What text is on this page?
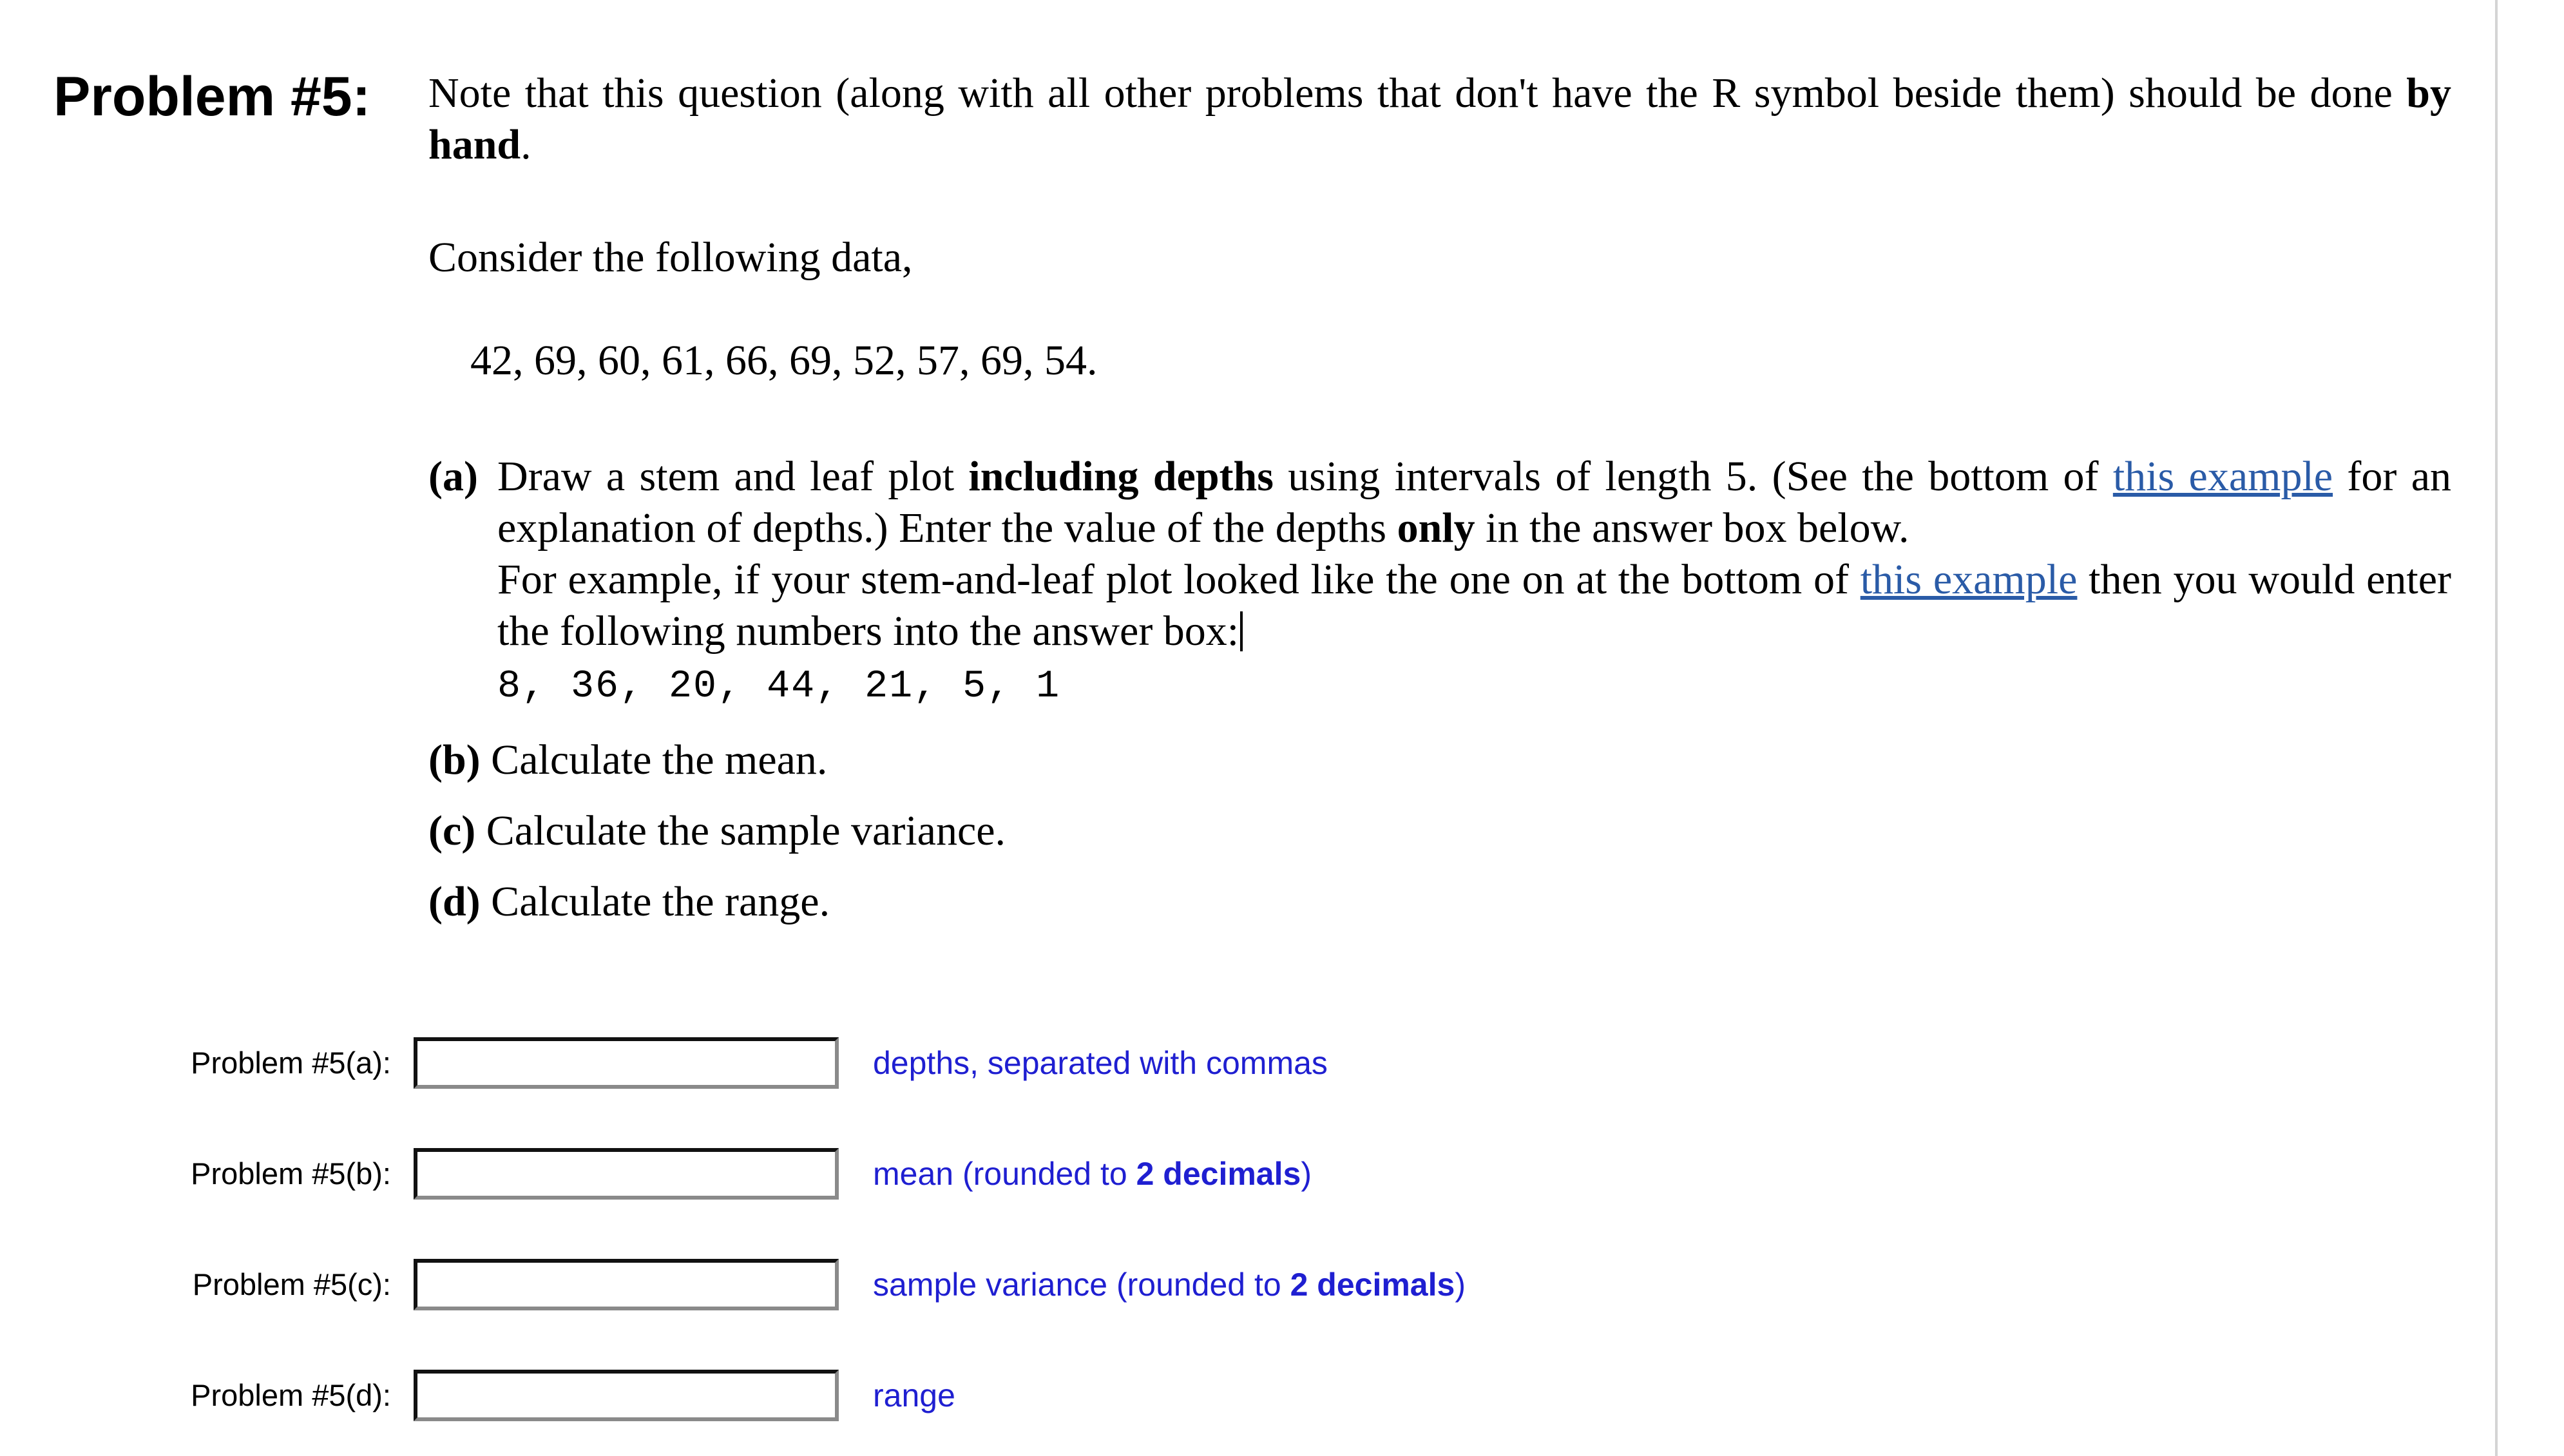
Problem #5: Note that this question (along with all other problems that don't have the R symbol beside them) should be done by hand.
Consider the following data,
42, 69, 60, 61, 66, 69, 52, 57, 69, 54.
(a) Draw a stem and leaf plot including depths using intervals of length 5. (See the bottom of this example for an explanation of depths.) Enter the value of the depths only in the answer box below.
For example, if your stem-and-leaf plot looked like the one on at the bottom of this example then you would enter the following numbers into the answer box:
8, 36, 20, 44, 21, 5, 1
(b) Calculate the mean.
(c) Calculate the sample variance.
(d) Calculate the range.
Problem #5(a):	depths, separated with commas
Problem #5(b):	mean (rounded to 2 decimals)
Problem #5(c):	sample variance (rounded to 2 decimals)
Problem #5(d):	range
